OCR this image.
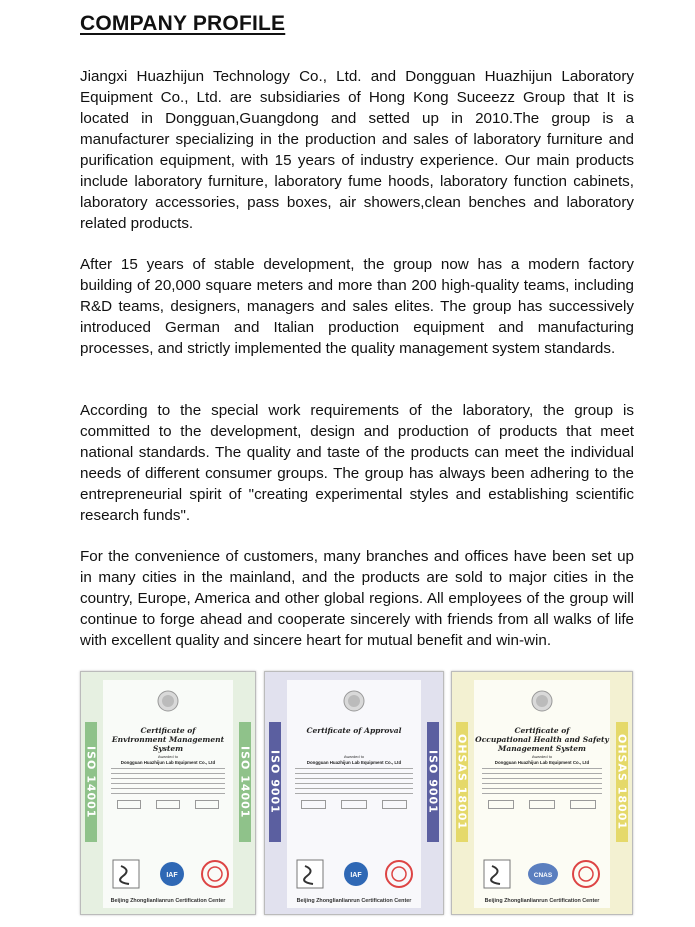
COMPANY PROFILE

Jiangxi Huazhijun Technology Co., Ltd. and Dongguan Huazhijun Laboratory Equipment Co., Ltd. are subsidiaries of Hong Kong Suceezz Group that It is located in Dongguan,Guangdong and setted up in 2010.The group is a manufacturer specializing in the production and sales of laboratory furniture and purification equipment, with 15 years of industry experience. Our main products include laboratory furniture, laboratory fume hoods, laboratory function cabinets, laboratory accessories, pass boxes, air showers,clean benches and laboratory related products.

After 15 years of stable development, the group now has a modern factory building of 20,000 square meters and more than 200 high-quality teams, including R&D teams, designers, managers and sales elites. The group has successively introduced German and Italian production equipment and manufacturing processes, and strictly implemented the quality management system standards.

According to the special work requirements of the laboratory, the group is committed to the development, design and production of products that meet national standards. The quality and taste of the products can meet the individual needs of different consumer groups. The group has always been adhering to the entrepreneurial spirit of "creating experimental styles and establishing scientific research funds".

For the convenience of customers, many branches and offices have been set up in many cities in the mainland, and the products are sold to major cities in the country, Europe, America and other global regions. All employees of the group will continue to forge ahead and cooperate sincerely with friends from all walks of life with excellent quality and sincere heart for mutual benefit and win-win.

ISO 14001	ISO 14001
Certificate of
Environment Management System
Awarded to
Dongguan Huazhijun Lab Equipment Co., Ltd
IAF
Beijing Zhonglianlianrun Certification Center
ISO 9001	ISO 9001
Certificate of Approval
Awarded to
Dongguan Huazhijun Lab Equipment Co., Ltd
IAF
Beijing Zhonglianlianrun Certification Center
OHSAS 18001	OHSAS 18001
Certificate of
Occupational Health and Safety Management System
Awarded to
Dongguan Huazhijun Lab Equipment Co., Ltd
CNAS
Beijing Zhonglianlianrun Certification Center
